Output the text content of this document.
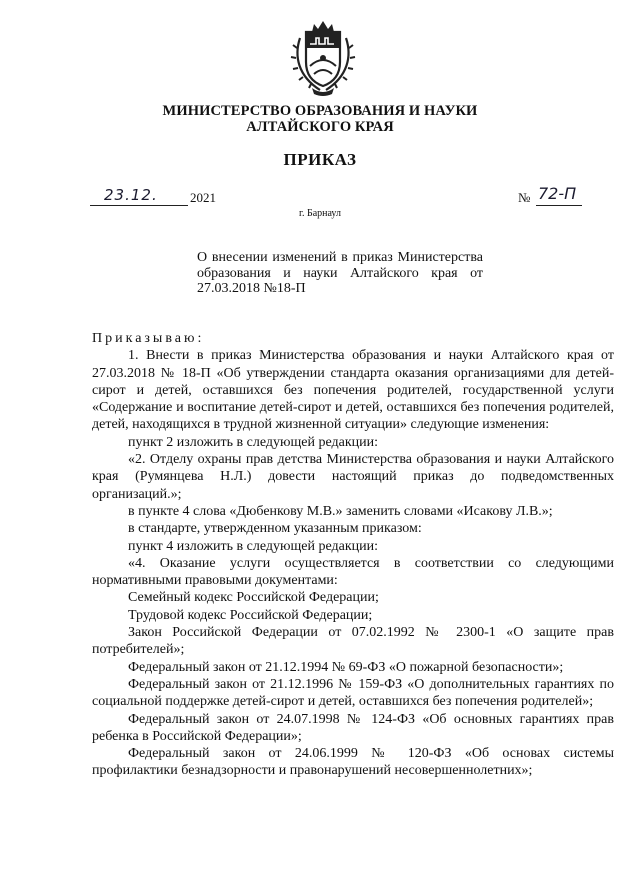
МИНИСТЕРСТВО ОБРАЗОВАНИЯ И НАУКИ
АЛТАЙСКОГО КРАЯ
ПРИКАЗ
23.12. 2021
г. Барнаул
№ 72-П
О внесении изменений в приказ Министерства образования и науки Алтайского края от 27.03.2018 №18-П

Приказываю:

1. Внести в приказ Министерства образования и науки Алтайского края от 27.03.2018 № 18-П «Об утверждении стандарта оказания организациями для детей-сирот и детей, оставшихся без попечения родителей, государственной услуги «Содержание и воспитание детей-сирот и детей, оставшихся без попечения родителей, детей, находящихся в трудной жизненной ситуации» следующие изменения:

пункт 2 изложить в следующей редакции:

«2. Отделу охраны прав детства Министерства образования и науки Алтайского края (Румянцева Н.Л.) довести настоящий приказ до подведомственных организаций.»;

в пункте 4 слова «Дюбенкову М.В.» заменить словами «Исакову Л.В.»;

в стандарте, утвержденном указанным приказом:

пункт 4 изложить в следующей редакции:

«4. Оказание услуги осуществляется в соответствии со следующими нормативными правовыми документами:

Семейный кодекс Российской Федерации;

Трудовой кодекс Российской Федерации;

Закон Российской Федерации от 07.02.1992 № 2300-1 «О защите прав потребителей»;

Федеральный закон от 21.12.1994 № 69-ФЗ «О пожарной безопасности»;

Федеральный закон от 21.12.1996 № 159-ФЗ «О дополнительных гарантиях по социальной поддержке детей-сирот и детей, оставшихся без попечения родителей»;

Федеральный закон от 24.07.1998 № 124-ФЗ «Об основных гарантиях прав ребенка в Российской Федерации»;

Федеральный закон от 24.06.1999 № 120-ФЗ «Об основах системы профилактики безнадзорности и правонарушений несовершеннолетних»;
